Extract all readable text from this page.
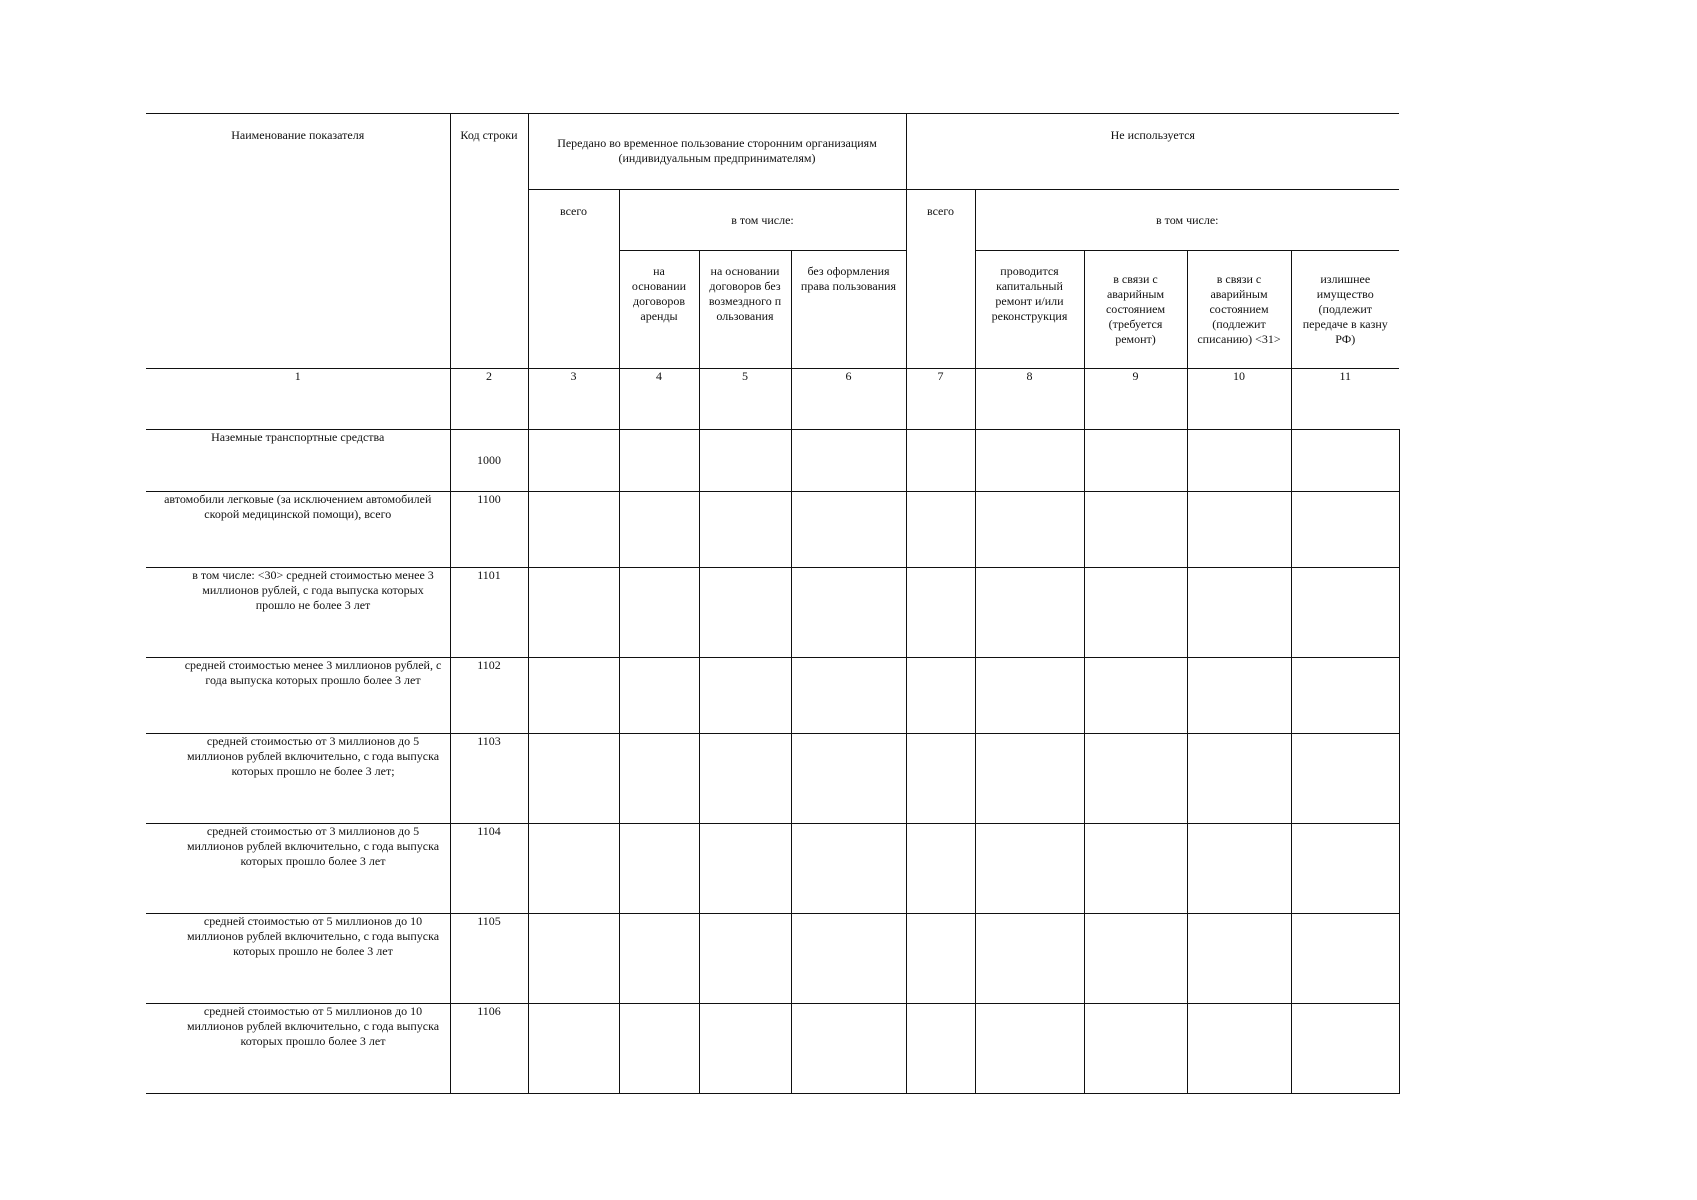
Наименование показателя	Код строки	Передано во временное пользование сторонним организациям (индивидуальным предпринимателям)				Не используется				

		всего	в том числе:			всего	в том числе:			

			на основании договоров аренды	на основании договоров безвозмездного пользования	без оформления права пользования		проводится капитальный ремонт и/или реконструкция	в связи с аварийным состоянием (требуется ремонт)	в связи с аварийным состоянием (подлежит списанию) <31>	излишнее имущество (подлежит передаче в казну РФ)

1	2	3	4	5	6	7	8	9	10	11

Наземные транспортные средства	1000									

автомобили легковые (за исключением автомобилей скорой медицинской помощи), всего	1100									

в том числе: <30> средней стоимостью менее 3 миллионов рублей, с года выпуска которых прошло не более 3 лет	1101									

средней стоимостью менее 3 миллионов рублей, с года выпуска которых прошло более 3 лет	1102									

средней стоимостью от 3 миллионов до 5 миллионов рублей включительно, с года выпуска которых прошло не более 3 лет;	1103									

средней стоимостью от 3 миллионов до 5 миллионов рублей включительно, с года выпуска которых прошло более 3 лет	1104									

средней стоимостью от 5 миллионов до 10 миллионов рублей включительно, с года выпуска которых прошло не более 3 лет	1105									

средней стоимостью от 5 миллионов до 10 миллионов рублей включительно, с года выпуска которых прошло более 3 лет	1106									
